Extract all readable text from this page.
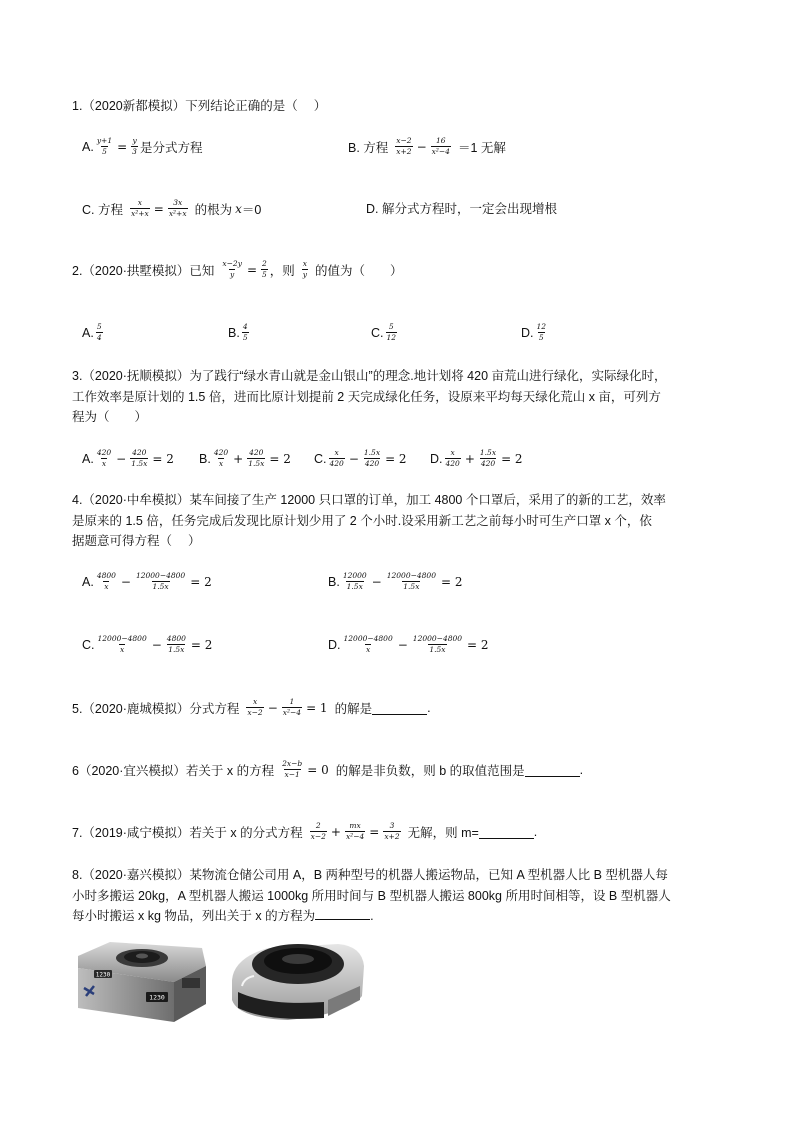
1.（2020新都模拟）下列结论正确的是（　 ）
A. $\frac{y+1}{5} = \frac{y}{3}$ 是分式方程	B. 方程 x−2
$x+2 - \frac{16}{\text{x²−4}} =1$ 无解
C. 方程 $\frac{x}{\text{x²+x}} = \frac{3x}{\text{x²+x}}$ 的根为 x ＝0	D. 解分式方程时，一定会出现增根
2.（2020·拱墅模拟）已知 $\frac{x-2y}{y} = \frac{2}{5}$ ，则 x
y 的值为（　　）
A. 5
4	B. 4
5	C. 5
12	D. 12
5
3.（2020·抚顺模拟）为了践行“绿水青山就是金山银山”的理念.地计划将 420 亩荒山进行绿化，实际绿化时，
工作效率是原计划的 1.5 倍，进而比原计划提前 2 天完成绿化任务，设原来平均每天绿化荒山 x 亩，可列方
程为（　　）
A. 420
$x - \frac{420}{1.5x} = 2$ B. 420
$x + \frac{420}{1.5x} = 2$ C. x
$420 - \frac{1.5x}{420} = 2$ D. x
$420 + \frac{1.5x}{420} = 2$
4.（2020·中牟模拟）某车间接了生产 12000 只口罩的订单，加工 4800 个口罩后，采用了的新的工艺，效率
是原来的 1.5 倍，任务完成后发现比原计划少用了 2 个小时.设采用新工艺之前每小时可生产口罩 x 个，依
据题意可得方程（　 ）
A. 4800
$x - \frac{12000-4800}{1.5x} = 2$	B. 12000
$1.5x - \frac{12000-4800}{1.5x} = 2$
C. 12000−4800
$x - \frac{4800}{1.5x} = 2$	D. 12000−4800
$x - \frac{12000-4800}{1.5x} = 2$
5.（2020·鹿城模拟）分式方程 x
$x-2 - \frac{1}{\text{x²−4}} = 1$ 的解是	.
6（2020·宜兴模拟）若关于 x 的方程 $\frac{2x-b}{x-1} = 0$ 的解是非负数，则 b 的取值范围是	.
7.（2019·咸宁模拟）若关于 x 的分式方程 2
$x-2 + \frac{mx}{\text{x²−4}} = \frac{3}{x+2}$ 无解，则 m=	.
8.（2020·嘉兴模拟）某物流仓储公司用 A，B 两种型号的机器人搬运物品，已知 A 型机器人比 B 型机器人每
小时多搬运 20kg，A 型机器人搬运 1000kg 所用时间与 B 型机器人搬运 800kg 所用时间相等，设 B 型机器人
每小时搬运 x kg 物品，列出关于 x 的方程为	.
1230
1230
